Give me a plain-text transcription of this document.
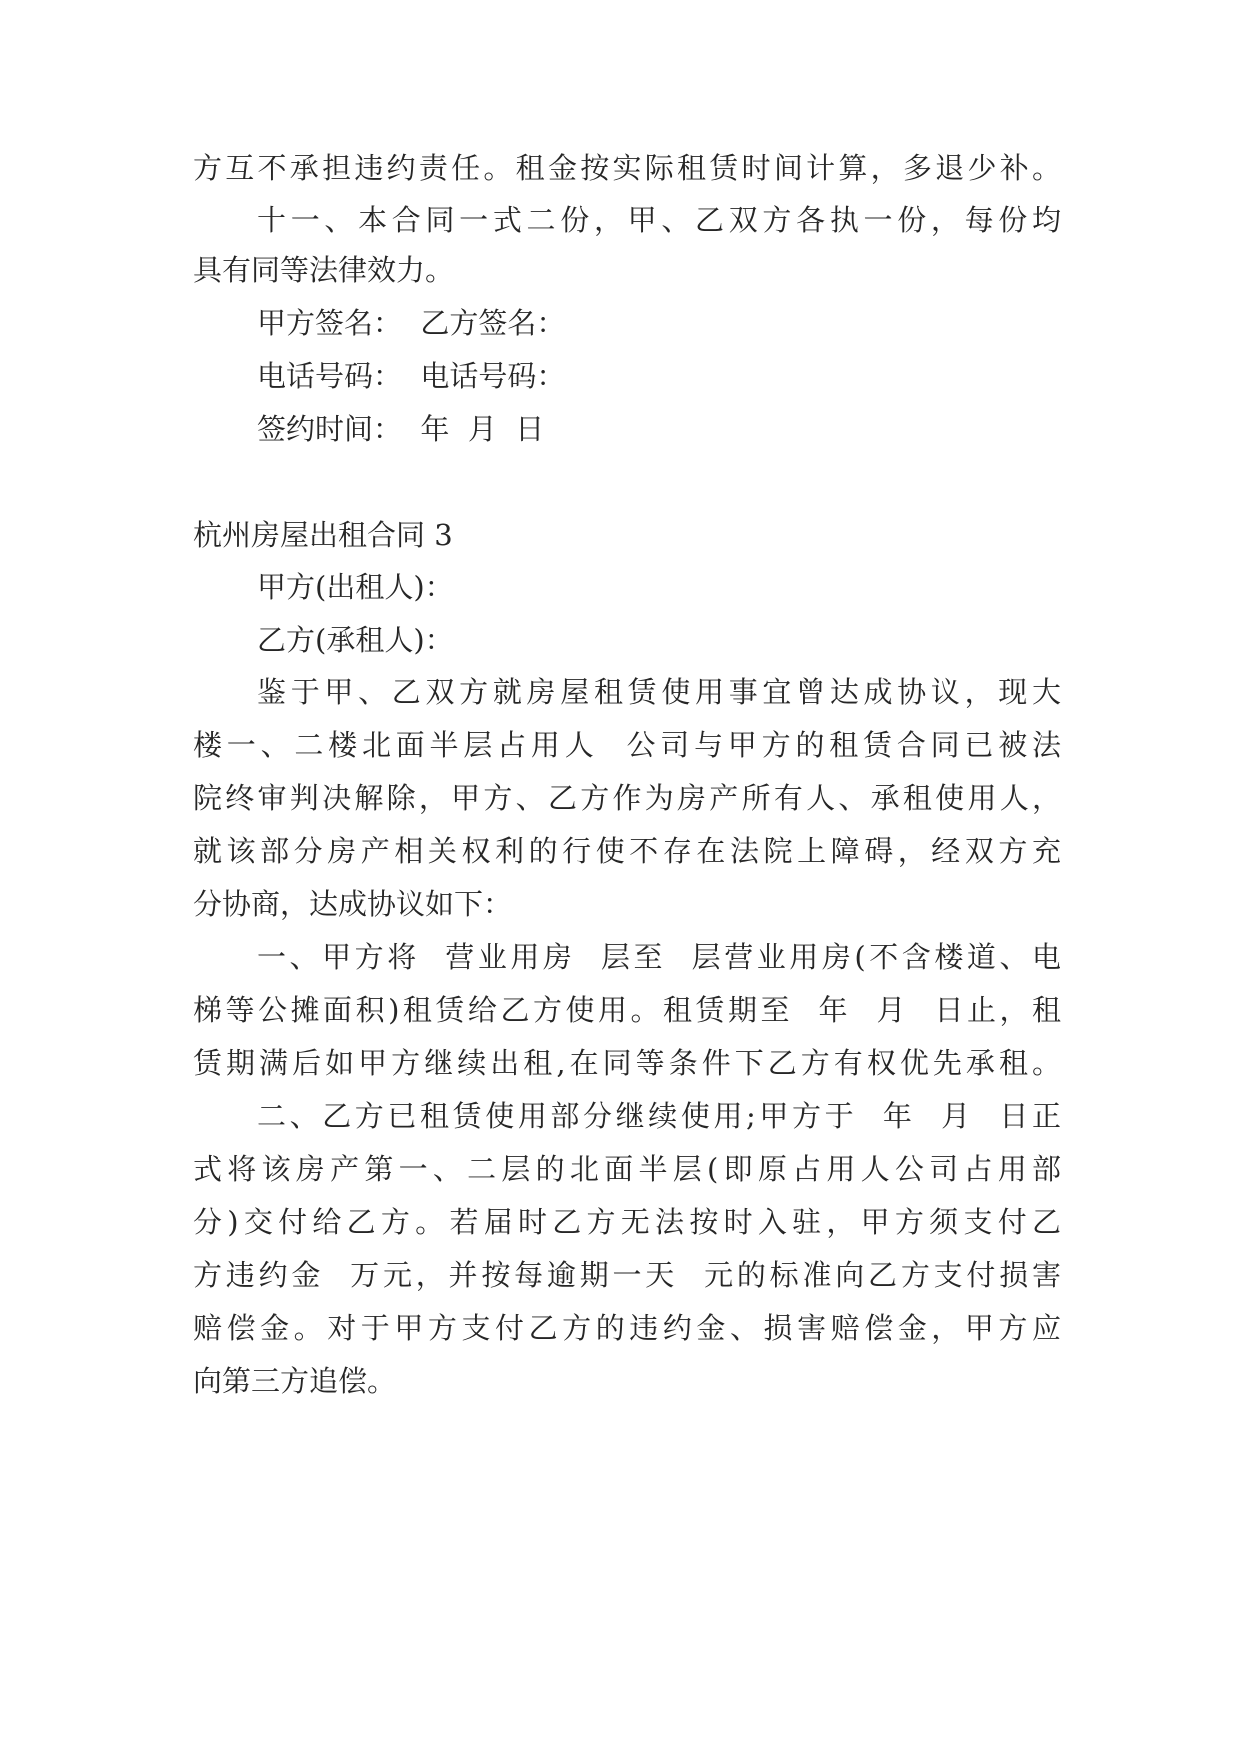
方互不承担违约责任。租金按实际租赁时间计算，多退少补。

十一、本合同一式二份，甲、乙双方各执一份，每份均

具有同等法律效力。

甲方签名：  乙方签名：

电话号码：  电话号码：

签约时间：  年  月  日

杭州房屋出租合同 3

甲方(出租人)：

乙方(承租人)：

鉴于甲、乙双方就房屋租赁使用事宜曾达成协议，现大

楼一、二楼北面半层占用人  公司与甲方的租赁合同已被法

院终审判决解除，甲方、乙方作为房产所有人、承租使用人，

就该部分房产相关权利的行使不存在法院上障碍，经双方充

分协商，达成协议如下：

一、甲方将  营业用房  层至  层营业用房(不含楼道、电

梯等公摊面积)租赁给乙方使用。租赁期至  年  月  日止，租

赁期满后如甲方继续出租,在同等条件下乙方有权优先承租。

二、乙方已租赁使用部分继续使用;甲方于  年  月  日正

式将该房产第一、二层的北面半层(即原占用人公司占用部

分)交付给乙方。若届时乙方无法按时入驻，甲方须支付乙

方违约金  万元，并按每逾期一天  元的标准向乙方支付损害

赔偿金。对于甲方支付乙方的违约金、损害赔偿金，甲方应

向第三方追偿。
